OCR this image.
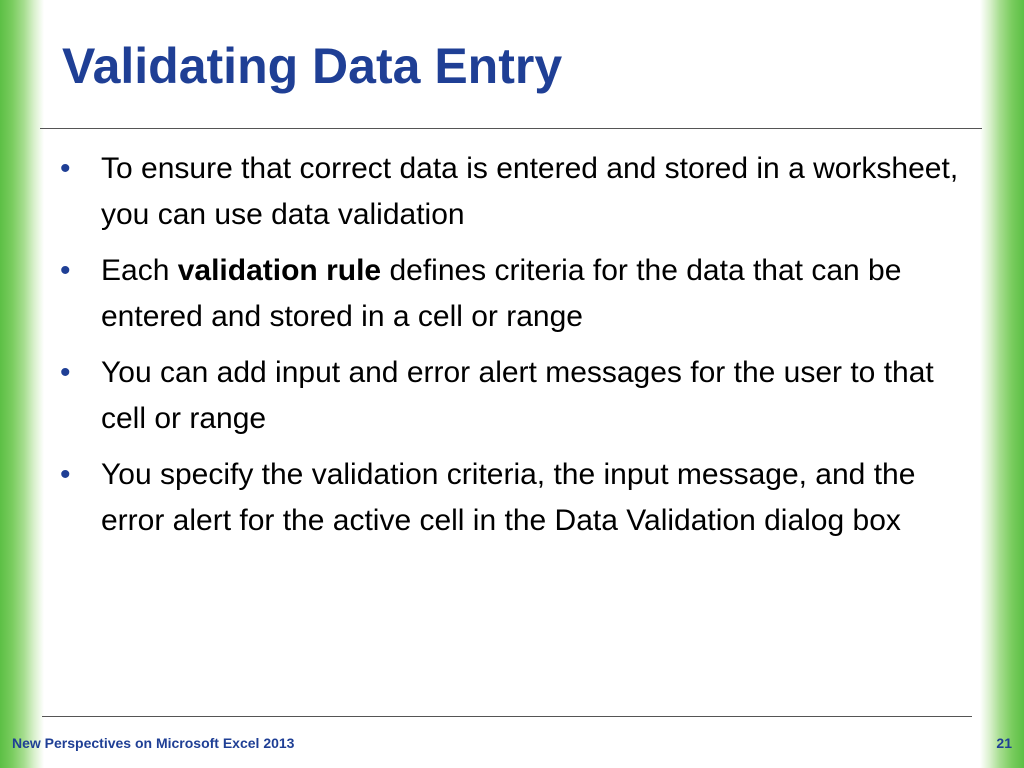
Validating Data Entry
• To ensure that correct data is entered and stored in a worksheet, you can use data validation
• Each validation rule defines criteria for the data that can be entered and stored in a cell or range
• You can add input and error alert messages for the user to that cell or range
• You specify the validation criteria, the input message, and the error alert for the active cell in the Data Validation dialog box
New Perspectives on Microsoft Excel 2013	21
